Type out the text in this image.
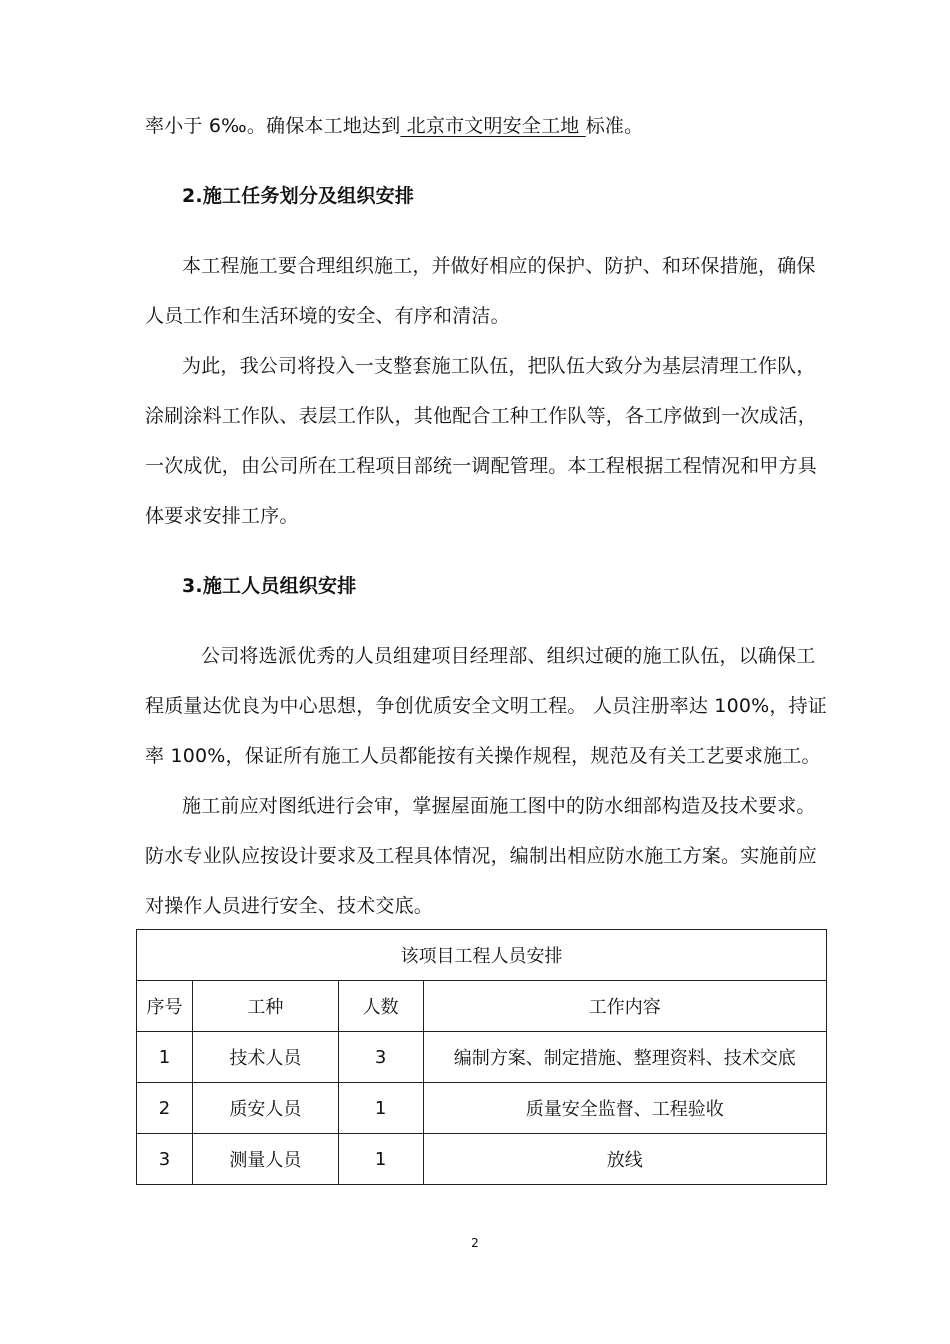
率小于 6‰。确保本工地达到 北京市文明安全工地 标准。
2.施工任务划分及组织安排
本工程施工要合理组织施工，并做好相应的保护、防护、和环保措施，确保
人员工作和生活环境的安全、有序和清洁。
为此，我公司将投入一支整套施工队伍，把队伍大致分为基层清理工作队，
涂刷涂料工作队、表层工作队，其他配合工种工作队等，各工序做到一次成活，
一次成优，由公司所在工程项目部统一调配管理。本工程根据工程情况和甲方具
体要求安排工序。
3.施工人员组织安排
公司将选派优秀的人员组建项目经理部、组织过硬的施工队伍，以确保工
程质量达优良为中心思想，争创优质安全文明工程。 人员注册率达 100%，持证
率 100%，保证所有施工人员都能按有关操作规程，规范及有关工艺要求施工。
施工前应对图纸进行会审，掌握屋面施工图中的防水细部构造及技术要求。
防水专业队应按设计要求及工程具体情况，编制出相应防水施工方案。实施前应
对操作人员进行安全、技术交底。
该项目工程人员安排			
序号	工种	人数	工作内容
1	技术人员	3	编制方案、制定措施、整理资料、技术交底
2	质安人员	1	质量安全监督、工程验收
3	测量人员	1	放线
2
